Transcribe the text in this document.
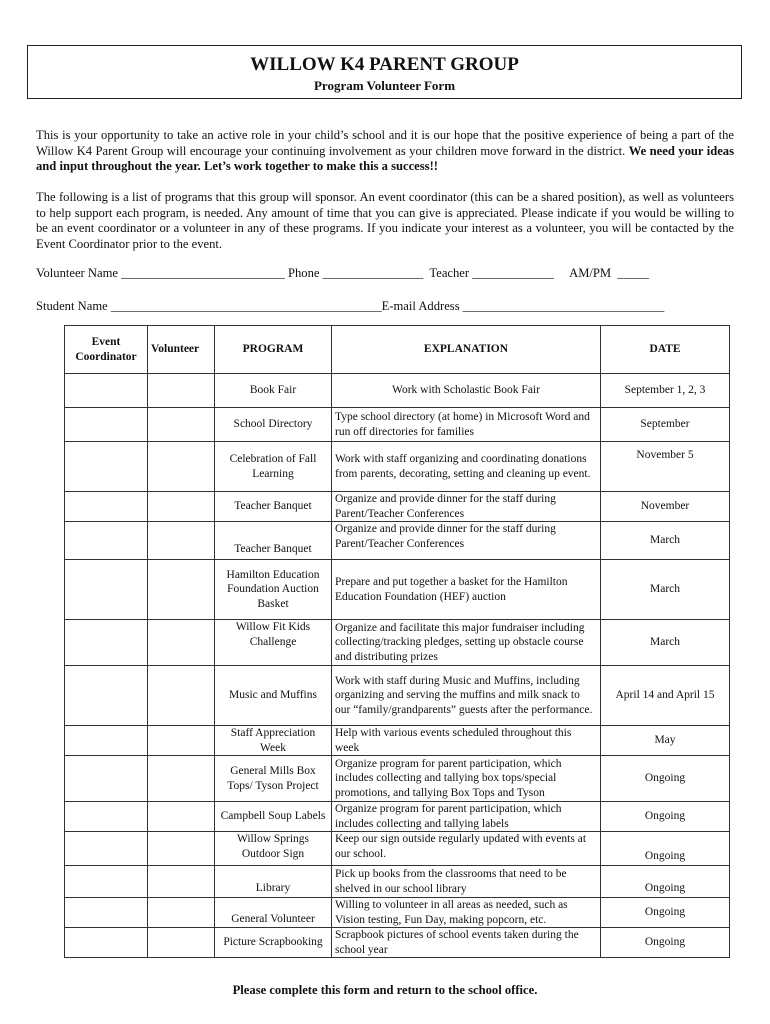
WILLOW K4 PARENT GROUP
Program Volunteer Form

This is your opportunity to take an active role in your child’s school and it is our hope that the positive experience of being a part of the Willow K4 Parent Group will encourage your continuing involvement as your children move forward in the district. We need your ideas and input throughout the year. Let’s work together to make this a success!!

The following is a list of programs that this group will sponsor. An event coordinator (this can be a shared position), as well as volunteers to help support each program, is needed. Any amount of time that you can give is appreciated. Please indicate if you would be willing to be an event coordinator or a volunteer in any of these programs. If you indicate your interest as a volunteer, you will be contacted by the Event Coordinator prior to the event.

Volunteer Name __________________________ Phone ________________  Teacher _____________     AM/PM  _____
Student Name ___________________________________________E-mail Address ________________________________
Event Coordinator	Volunteer	PROGRAM	EXPLANATION	DATE
		Book Fair	Work with Scholastic Book Fair	September 1, 2, 3
		School Directory	Type school directory (at home) in Microsoft Word and run off directories for families	September
		Celebration of Fall Learning	Work with staff organizing and coordinating donations from parents, decorating, setting and cleaning up event.	November 5
		Teacher Banquet	Organize and provide dinner for the staff during Parent/Teacher Conferences	November
		Teacher Banquet	Organize and provide dinner for the staff during Parent/Teacher Conferences	March
		Hamilton Education Foundation Auction Basket	Prepare and put together a basket for the Hamilton Education Foundation (HEF) auction	March
		Willow Fit Kids Challenge	Organize and facilitate this major fundraiser including collecting/tracking pledges, setting up obstacle course and distributing prizes	March
		Music and Muffins	Work with staff during Music and Muffins, including organizing and serving the muffins and milk snack to our “family/grandparents” guests after the performance.	April 14 and April 15
		Staff Appreciation Week	Help with various events scheduled throughout this week	May
		General Mills Box Tops/ Tyson Project	Organize program for parent participation, which includes collecting and tallying box tops/special promotions, and tallying Box Tops and Tyson	Ongoing
		Campbell Soup Labels	Organize program for parent participation, which includes collecting and tallying labels	Ongoing
		Willow Springs Outdoor Sign	Keep our sign outside regularly updated with events at our school.	Ongoing
		Library	Pick up books from the classrooms that need to be shelved in our school library	Ongoing
		General Volunteer	Willing to volunteer in all areas as needed, such as Vision testing, Fun Day, making popcorn, etc.	Ongoing
		Picture Scrapbooking	Scrapbook pictures of school events taken during the school year	Ongoing
Please complete this form and return to the school office.
